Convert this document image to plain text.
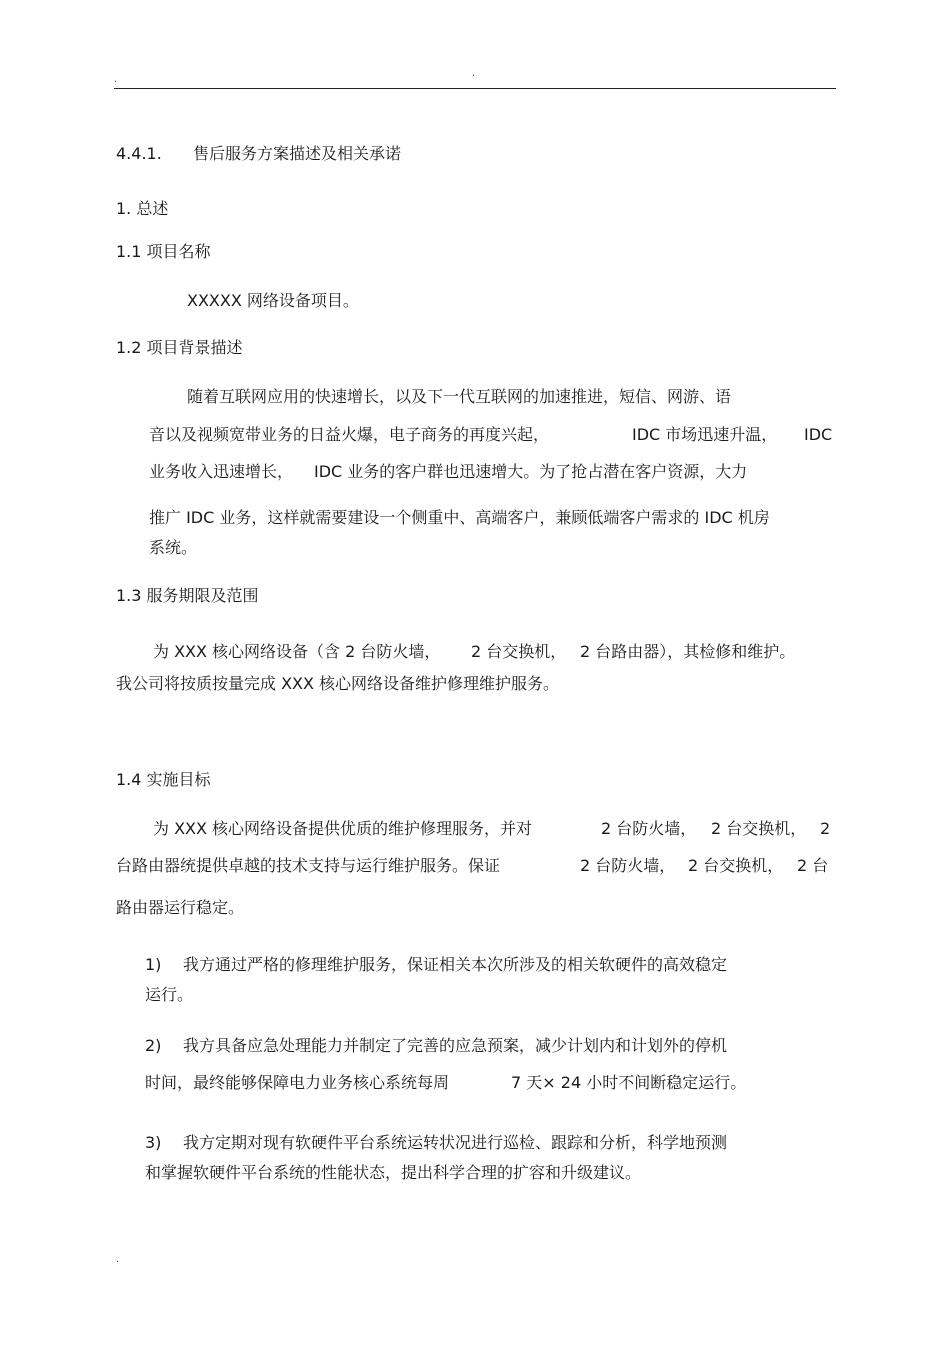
.
.
4.4.1. 售后服务方案描述及相关承诺
1. 总述
1.1 项目名称
XXXXX 网络设备项目。
1.2 项目背景描述
随着互联网应用的快速增长，以及下一代互联网的加速推进，短信、网游、语
音以及视频宽带业务的日益火爆，电子商务的再度兴起，	IDC 市场迅速升温， IDC
业务收入迅速增长， IDC 业务的客户群也迅速增大。为了抢占潜在客户资源，大力
推广 IDC 业务，这样就需要建设一个侧重中、高端客户，兼顾低端客户需求的 IDC 机房
系统。
1.3 服务期限及范围
为 XXX 核心网络设备（含 2 台防火墙， 2 台交换机， 2 台路由器），其检修和维护。
我公司将按质按量完成 XXX 核心网络设备维护修理维护服务。
1.4 实施目标
为 XXX 核心网络设备提供优质的维护修理服务，并对	2 台防火墙， 2 台交换机， 2
台路由器统提供卓越的技术支持与运行维护服务。保证	2 台防火墙， 2 台交换机， 2 台
路由器运行稳定。
1) 我方通过严格的修理维护服务，保证相关本次所涉及的相关软硬件的高效稳定
运行。
2) 我方具备应急处理能力并制定了完善的应急预案，减少计划内和计划外的停机
时间，最终能够保障电力业务核心系统每周	7 天× 24 小时不间断稳定运行。
3) 我方定期对现有软硬件平台系统运转状况进行巡检、跟踪和分析，科学地预测
和掌握软硬件平台系统的性能状态，提出科学合理的扩容和升级建议。
.
